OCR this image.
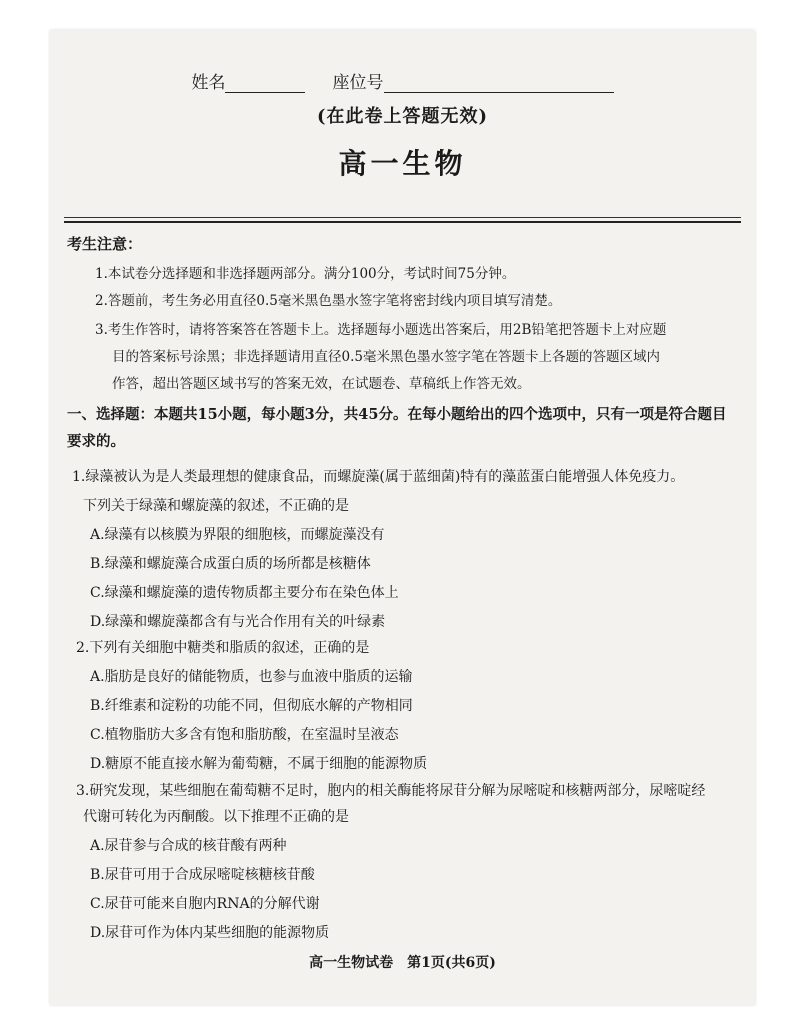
姓名	座位号
(在此卷上答题无效)
高一生物
考生注意：
1.本试卷分选择题和非选择题两部分。满分100分，考试时间75分钟。
2.答题前，考生务必用直径0.5毫米黑色墨水签字笔将密封线内项目填写清楚。
3.考生作答时，请将答案答在答题卡上。选择题每小题选出答案后，用2B铅笔把答题卡上对应题
目的答案标号涂黑；非选择题请用直径0.5毫米黑色墨水签字笔在答题卡上各题的答题区域内
作答，超出答题区域书写的答案无效，在试题卷、草稿纸上作答无效。
一、选择题：本题共15小题，每小题3分，共45分。在每小题给出的四个选项中，只有一项是符合题目
要求的。
1.绿藻被认为是人类最理想的健康食品，而螺旋藻(属于蓝细菌)特有的藻蓝蛋白能增强人体免疫力。
下列关于绿藻和螺旋藻的叙述，不正确的是
A.绿藻有以核膜为界限的细胞核，而螺旋藻没有
B.绿藻和螺旋藻合成蛋白质的场所都是核糖体
C.绿藻和螺旋藻的遗传物质都主要分布在染色体上
D.绿藻和螺旋藻都含有与光合作用有关的叶绿素
2.下列有关细胞中糖类和脂质的叙述，正确的是
A.脂肪是良好的储能物质，也参与血液中脂质的运输
B.纤维素和淀粉的功能不同，但彻底水解的产物相同
C.植物脂肪大多含有饱和脂肪酸，在室温时呈液态
D.糖原不能直接水解为葡萄糖，不属于细胞的能源物质
3.研究发现，某些细胞在葡萄糖不足时，胞内的相关酶能将尿苷分解为尿嘧啶和核糖两部分，尿嘧啶经
代谢可转化为丙酮酸。以下推理不正确的是
A.尿苷参与合成的核苷酸有两种
B.尿苷可用于合成尿嘧啶核糖核苷酸
C.尿苷可能来自胞内RNA的分解代谢
D.尿苷可作为体内某些细胞的能源物质
高一生物试卷　第1页(共6页)
